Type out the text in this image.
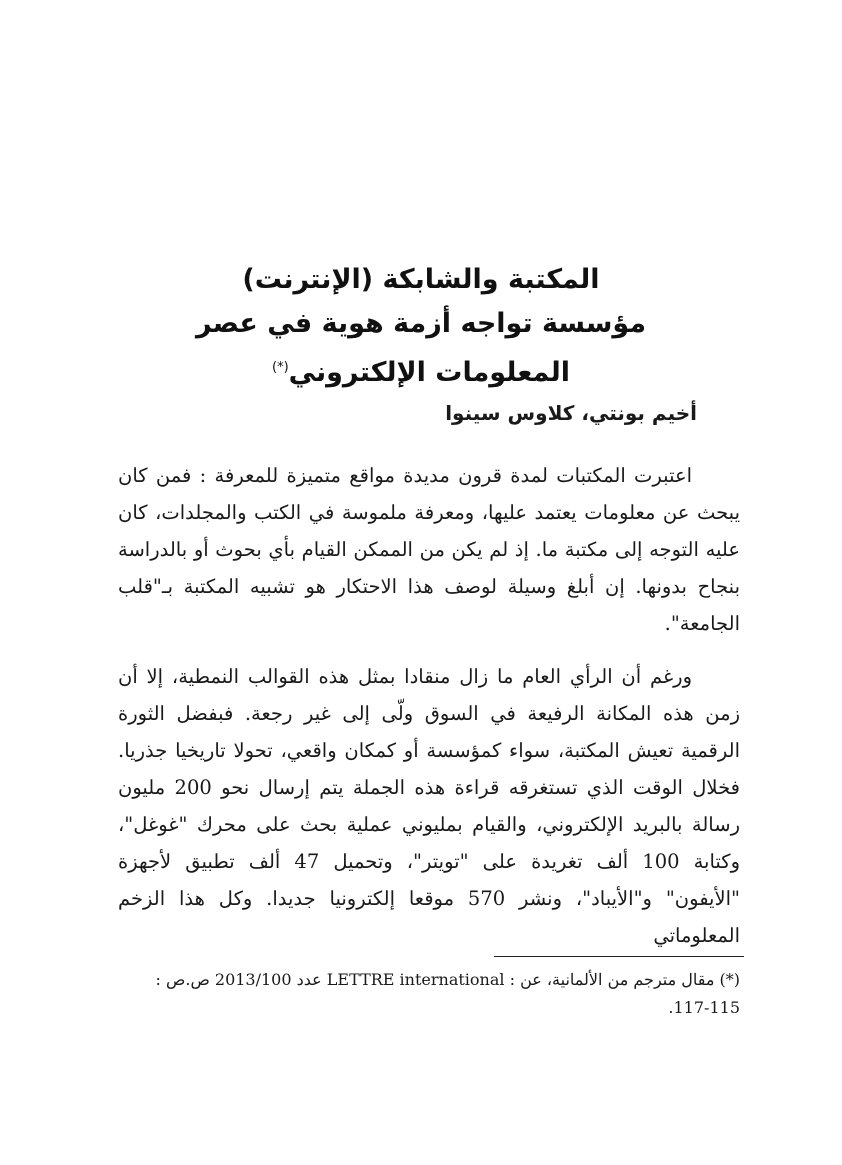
المكتبة والشابكة (الإنترنت)
مؤسسة تواجه أزمة هوية في عصر
المعلومات الإلكتروني(*)
أخيم بونتي، كلاوس سينوا

اعتبرت المكتبات لمدة قرون مديدة مواقع متميزة للمعرفة : فمن كان يبحث عن معلومات يعتمد عليها، ومعرفة ملموسة في الكتب والمجلدات، كان عليه التوجه إلى مكتبة ما. إذ لم يكن من الممكن القيام بأي بحوث أو بالدراسة بنجاح بدونها. إن أبلغ وسيلة لوصف هذا الاحتكار هو تشبيه المكتبة بـ"قلب الجامعة".

ورغم أن الرأي العام ما زال منقادا بمثل هذه القوالب النمطية، إلا أن زمن هذه المكانة الرفيعة في السوق ولّى إلى غير رجعة. فبفضل الثورة الرقمية تعيش المكتبة، سواء كمؤسسة أو كمكان واقعي، تحولا تاريخيا جذريا. فخلال الوقت الذي تستغرقه قراءة هذه الجملة يتم إرسال نحو 200 مليون رسالة بالبريد الإلكتروني، والقيام بمليوني عملية بحث على محرك "غوغل"، وكتابة 100 ألف تغريدة على "تويتر"، وتحميل 47 ألف تطبيق لأجهزة "الأيفون" و"الأيباد"، ونشر 570 موقعا إلكترونيا جديدا. وكل هذا الزخم المعلوماتي

(*) مقال مترجم من الألمانية، عن : LETTRE international عدد 2013/100 ص.ص : 115-117.
